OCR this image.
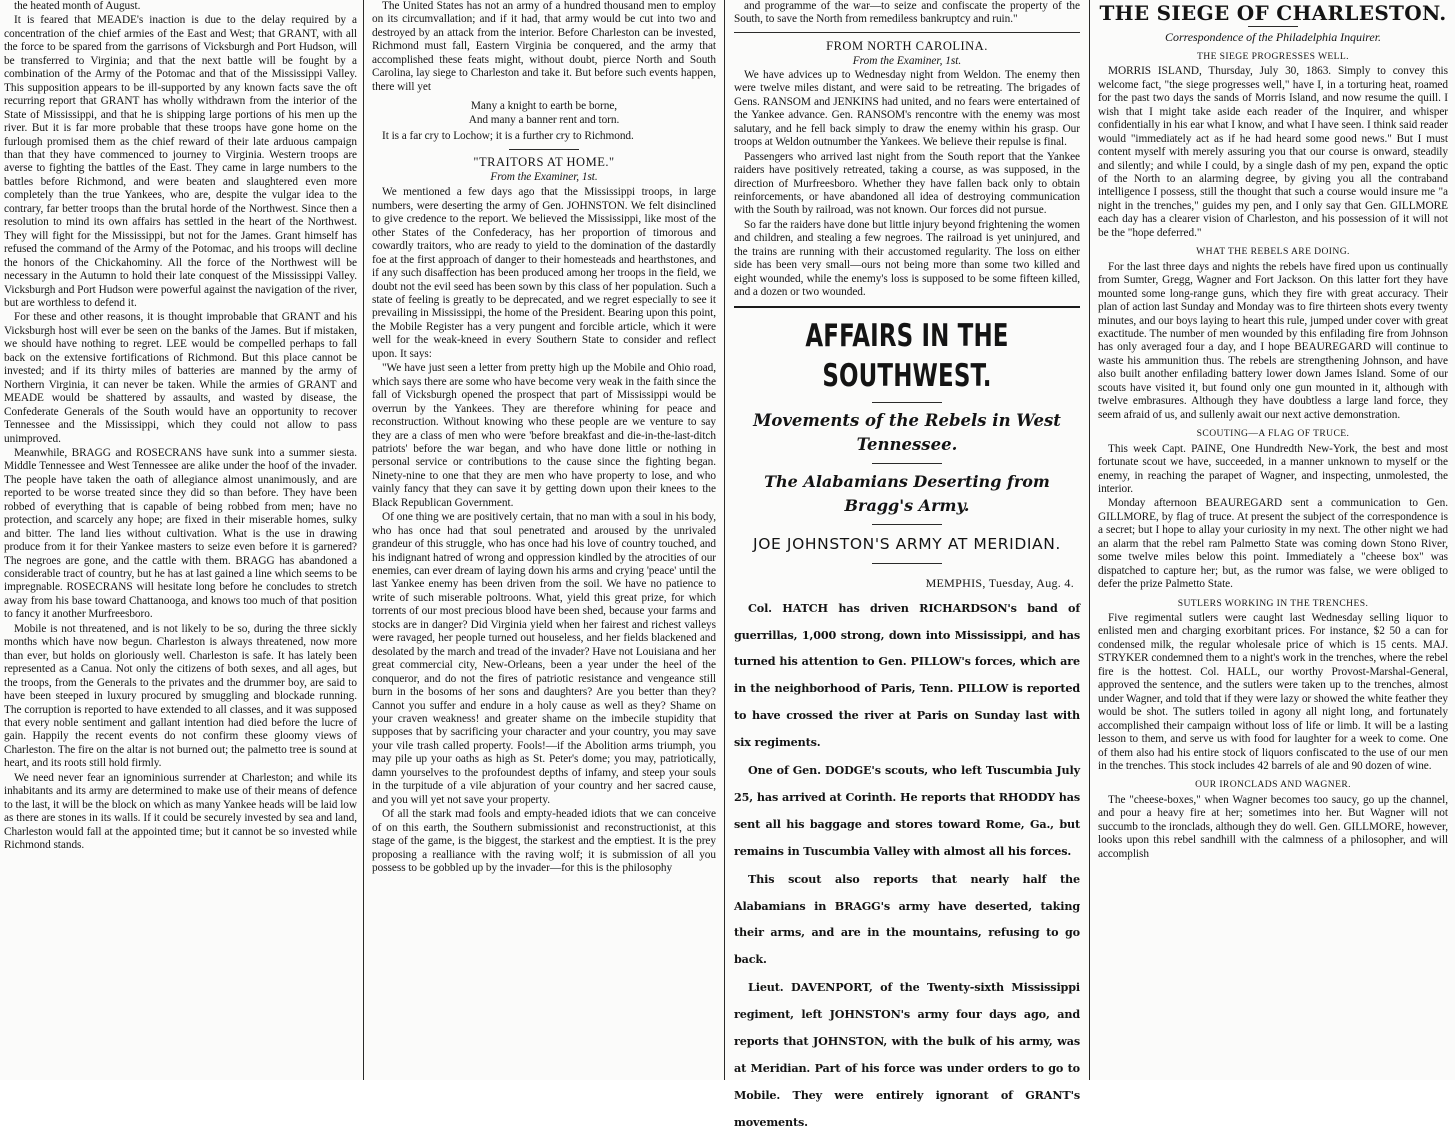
the heated month of August.

It is feared that MEADE's inaction is due to the delay required by a concentration of the chief armies of the East and West; that GRANT, with all the force to be spared from the garrisons of Vicksburgh and Port Hudson, will be transferred to Virginia; and that the next battle will be fought by a combination of the Army of the Potomac and that of the Mississippi Valley. This supposition appears to be ill-supported by any known facts save the oft recurring report that GRANT has wholly withdrawn from the interior of the State of Mississippi, and that he is shipping large portions of his men up the river. But it is far more probable that these troops have gone home on the furlough promised them as the chief reward of their late arduous campaign than that they have commenced to journey to Virginia. Western troops are averse to fighting the battles of the East. They came in large numbers to the battles before Richmond, and were beaten and slaughtered even more completely than the true Yankees, who are, despite the vulgar idea to the contrary, far better troops than the brutal horde of the Northwest. Since then a resolution to mind its own affairs has settled in the heart of the Northwest. They will fight for the Mississippi, but not for the James. Grant himself has refused the command of the Army of the Potomac, and his troops will decline the honors of the Chickahominy. All the force of the Northwest will be necessary in the Autumn to hold their late conquest of the Mississippi Valley. Vicksburgh and Port Hudson were powerful against the navigation of the river, but are worthless to defend it.

For these and other reasons, it is thought improbable that GRANT and his Vicksburgh host will ever be seen on the banks of the James. But if mistaken, we should have nothing to regret. LEE would be compelled perhaps to fall back on the extensive fortifications of Richmond. But this place cannot be invested; and if its thirty miles of batteries are manned by the army of Northern Virginia, it can never be taken. While the armies of GRANT and MEADE would be shattered by assaults, and wasted by disease, the Confederate Generals of the South would have an opportunity to recover Tennessee and the Mississippi, which they could not allow to pass unimproved.

Meanwhile, BRAGG and ROSECRANS have sunk into a summer siesta. Middle Tennessee and West Tennessee are alike under the hoof of the invader. The people have taken the oath of allegiance almost unanimously, and are reported to be worse treated since they did so than before. They have been robbed of everything that is capable of being robbed from men; have no protection, and scarcely any hope; are fixed in their miserable homes, sulky and bitter. The land lies without cultivation. What is the use in drawing produce from it for their Yankee masters to seize even before it is garnered? The negroes are gone, and the cattle with them. BRAGG has abandoned a considerable tract of country, but he has at last gained a line which seems to be impregnable. ROSECRANS will hesitate long before he concludes to stretch away from his base toward Chattanooga, and knows too much of that position to fancy it another Murfreesboro.

Mobile is not threatened, and is not likely to be so, during the three sickly months which have now begun. Charleston is always threatened, now more than ever, but holds on gloriously well. Charleston is safe. It has lately been represented as a Canua. Not only the citizens of both sexes, and all ages, but the troops, from the Generals to the privates and the drummer boy, are said to have been steeped in luxury procured by smuggling and blockade running. The corruption is reported to have extended to all classes, and it was supposed that every noble sentiment and gallant intention had died before the lucre of gain. Happily the recent events do not confirm these gloomy views of Charleston. The fire on the altar is not burned out; the palmetto tree is sound at heart, and its roots still hold firmly.

We need never fear an ignominious surrender at Charleston; and while its inhabitants and its army are determined to make use of their means of defence to the last, it will be the block on which as many Yankee heads will be laid low as there are stones in its walls. If it could be securely invested by sea and land, Charleston would fall at the appointed time; but it cannot be so invested while Richmond stands.

The United States has not an army of a hundred thousand men to employ on its circumvallation; and if it had, that army would be cut into two and destroyed by an attack from the interior. Before Charleston can be invested, Richmond must fall, Eastern Virginia be conquered, and the army that accomplished these feats might, without doubt, pierce North and South Carolina, lay siege to Charleston and take it. But before such events happen, there will yet

Many a knight to earth be borne,
And many a banner rent and torn.

It is a far cry to Lochow; it is a further cry to Richmond.

"TRAITORS AT HOME."
From the Examiner, 1st.

We mentioned a few days ago that the Mississippi troops, in large numbers, were deserting the army of Gen. JOHNSTON. We felt disinclined to give credence to the report. We believed the Mississippi, like most of the other States of the Confederacy, has her proportion of timorous and cowardly traitors, who are ready to yield to the domination of the dastardly foe at the first approach of danger to their homesteads and hearthstones, and if any such disaffection has been produced among her troops in the field, we doubt not the evil seed has been sown by this class of her population. Such a state of feeling is greatly to be deprecated, and we regret especially to see it prevailing in Mississippi, the home of the President. Bearing upon this point, the Mobile Register has a very pungent and forcible article, which it were well for the weak-kneed in every Southern State to consider and reflect upon. It says:

"We have just seen a letter from pretty high up the Mobile and Ohio road, which says there are some who have become very weak in the faith since the fall of Vicksburgh opened the prospect that part of Mississippi would be overrun by the Yankees. They are therefore whining for peace and reconstruction. Without knowing who these people are we venture to say they are a class of men who were 'before breakfast and die-in-the-last-ditch patriots' before the war began, and who have done little or nothing in personal service or contributions to the cause since the fighting began. Ninety-nine to one that they are men who have property to lose, and who vainly fancy that they can save it by getting down upon their knees to the Black Republican Government.

Of one thing we are positively certain, that no man with a soul in his body, who has once had that soul penetrated and aroused by the unrivaled grandeur of this struggle, who has once had his love of country touched, and his indignant hatred of wrong and oppression kindled by the atrocities of our enemies, can ever dream of laying down his arms and crying 'peace' until the last Yankee enemy has been driven from the soil. We have no patience to write of such miserable poltroons. What, yield this great prize, for which torrents of our most precious blood have been shed, because your farms and stocks are in danger? Did Virginia yield when her fairest and richest valleys were ravaged, her people turned out houseless, and her fields blackened and desolated by the march and tread of the invader? Have not Louisiana and her great commercial city, New-Orleans, been a year under the heel of the conqueror, and do not the fires of patriotic resistance and vengeance still burn in the bosoms of her sons and daughters? Are you better than they? Cannot you suffer and endure in a holy cause as well as they? Shame on your craven weakness! and greater shame on the imbecile stupidity that supposes that by sacrificing your character and your country, you may save your vile trash called property. Fools!—if the Abolition arms triumph, you may pile up your oaths as high as St. Peter's dome; you may, patriotically, damn yourselves to the profoundest depths of infamy, and steep your souls in the turpitude of a vile abjuration of your country and her sacred cause, and you will yet not save your property.

Of all the stark mad fools and empty-headed idiots that we can conceive of on this earth, the Southern submissionist and reconstructionist, at this stage of the game, is the biggest, the starkest and the emptiest. It is the prey proposing a realliance with the raving wolf; it is submission of all you possess to be gobbled up by the invader—for this is the philosophy

and programme of the war—to seize and confiscate the property of the South, to save the North from remediless bankruptcy and ruin."

FROM NORTH CAROLINA.
From the Examiner, 1st.

We have advices up to Wednesday night from Weldon. The enemy then were twelve miles distant, and were said to be retreating. The brigades of Gens. RANSOM and JENKINS had united, and no fears were entertained of the Yankee advance. Gen. RANSOM's rencontre with the enemy was most salutary, and he fell back simply to draw the enemy within his grasp. Our troops at Weldon outnumber the Yankees. We believe their repulse is final.

Passengers who arrived last night from the South report that the Yankee raiders have positively retreated, taking a course, as was supposed, in the direction of Murfreesboro. Whether they have fallen back only to obtain reinforcements, or have abandoned all idea of destroying communication with the South by railroad, was not known. Our forces did not pursue.

So far the raiders have done but little injury beyond frightening the women and children, and stealing a few negroes. The railroad is yet uninjured, and the trains are running with their accustomed regularity. The loss on either side has been very small—ours not being more than some two killed and eight wounded, while the enemy's loss is supposed to be some fifteen killed, and a dozen or two wounded.

AFFAIRS IN THE SOUTHWEST.
Movements of the Rebels in West Tennessee.
The Alabamians Deserting from Bragg's Army.
JOE JOHNSTON'S ARMY AT MERIDIAN.
MEMPHIS, Tuesday, Aug. 4.

Col. HATCH has driven RICHARDSON's band of guerrillas, 1,000 strong, down into Mississippi, and has turned his attention to Gen. PILLOW's forces, which are in the neighborhood of Paris, Tenn. PILLOW is reported to have crossed the river at Paris on Sunday last with six regiments.

One of Gen. DODGE's scouts, who left Tuscumbia July 25, has arrived at Corinth. He reports that RHODDY has sent all his baggage and stores toward Rome, Ga., but remains in Tuscumbia Valley with almost all his forces.

This scout also reports that nearly half the Alabamians in BRAGG's army have deserted, taking their arms, and are in the mountains, refusing to go back.

Lieut. DAVENPORT, of the Twenty-sixth Mississippi regiment, left JOHNSTON's army four days ago, and reports that JOHNSTON, with the bulk of his army, was at Meridian. Part of his force was under orders to go to Mobile. They were entirely ignorant of GRANT's movements.

THE SIEGE OF CHARLESTON.
Correspondence of the Philadelphia Inquirer.
THE SIEGE PROGRESSES WELL.

MORRIS ISLAND, Thursday, July 30, 1863. Simply to convey this welcome fact, "the siege progresses well," have I, in a torturing heat, roamed for the past two days the sands of Morris Island, and now resume the quill. I wish that I might take aside each reader of the Inquirer, and whisper confidentially in his ear what I know, and what I have seen. I think said reader would "immediately act as if he had heard some good news." But I must content myself with merely assuring you that our course is onward, steadily and silently; and while I could, by a single dash of my pen, expand the optic of the North to an alarming degree, by giving you all the contraband intelligence I possess, still the thought that such a course would insure me "a night in the trenches," guides my pen, and I only say that Gen. GILLMORE each day has a clearer vision of Charleston, and his possession of it will not be the "hope deferred."

WHAT THE REBELS ARE DOING.

For the last three days and nights the rebels have fired upon us continually from Sumter, Gregg, Wagner and Fort Jackson. On this latter fort they have mounted some long-range guns, which they fire with great accuracy. Their plan of action last Sunday and Monday was to fire thirteen shots every twenty minutes, and our boys laying to heart this rule, jumped under cover with great exactitude. The number of men wounded by this enfilading fire from Johnson has only averaged four a day, and I hope BEAUREGARD will continue to waste his ammunition thus. The rebels are strengthening Johnson, and have also built another enfilading battery lower down James Island. Some of our scouts have visited it, but found only one gun mounted in it, although with twelve embrasures. Although they have doubtless a large land force, they seem afraid of us, and sullenly await our next active demonstration.

SCOUTING—A FLAG OF TRUCE.

This week Capt. PAINE, One Hundredth New-York, the best and most fortunate scout we have, succeeded, in a manner unknown to myself or the enemy, in reaching the parapet of Wagner, and inspecting, unmolested, the interior.

Monday afternoon BEAUREGARD sent a communication to Gen. GILLMORE, by flag of truce. At present the subject of the correspondence is a secret; but I hope to allay your curiosity in my next. The other night we had an alarm that the rebel ram Palmetto State was coming down Stono River, some twelve miles below this point. Immediately a "cheese box" was dispatched to capture her; but, as the rumor was false, we were obliged to defer the prize Palmetto State.

SUTLERS WORKING IN THE TRENCHES.

Five regimental sutlers were caught last Wednesday selling liquor to enlisted men and charging exorbitant prices. For instance, $2 50 a can for condensed milk, the regular wholesale price of which is 15 cents. MAJ. STRYKER condemned them to a night's work in the trenches, where the rebel fire is the hottest. Col. HALL, our worthy Provost-Marshal-General, approved the sentence, and the sutlers were taken up to the trenches, almost under Wagner, and told that if they were lazy or showed the white feather they would be shot. The sutlers toiled in agony all night long, and fortunately accomplished their campaign without loss of life or limb. It will be a lasting lesson to them, and serve us with food for laughter for a week to come. One of them also had his entire stock of liquors confiscated to the use of our men in the trenches. This stock includes 42 barrels of ale and 90 dozen of wine.

OUR IRONCLADS AND WAGNER.

The "cheese-boxes," when Wagner becomes too saucy, go up the channel, and pour a heavy fire at her; sometimes into her. But Wagner will not succumb to the ironclads, although they do well. Gen. GILLMORE, however, looks upon this rebel sandhill with the calmness of a philosopher, and will accomplish
